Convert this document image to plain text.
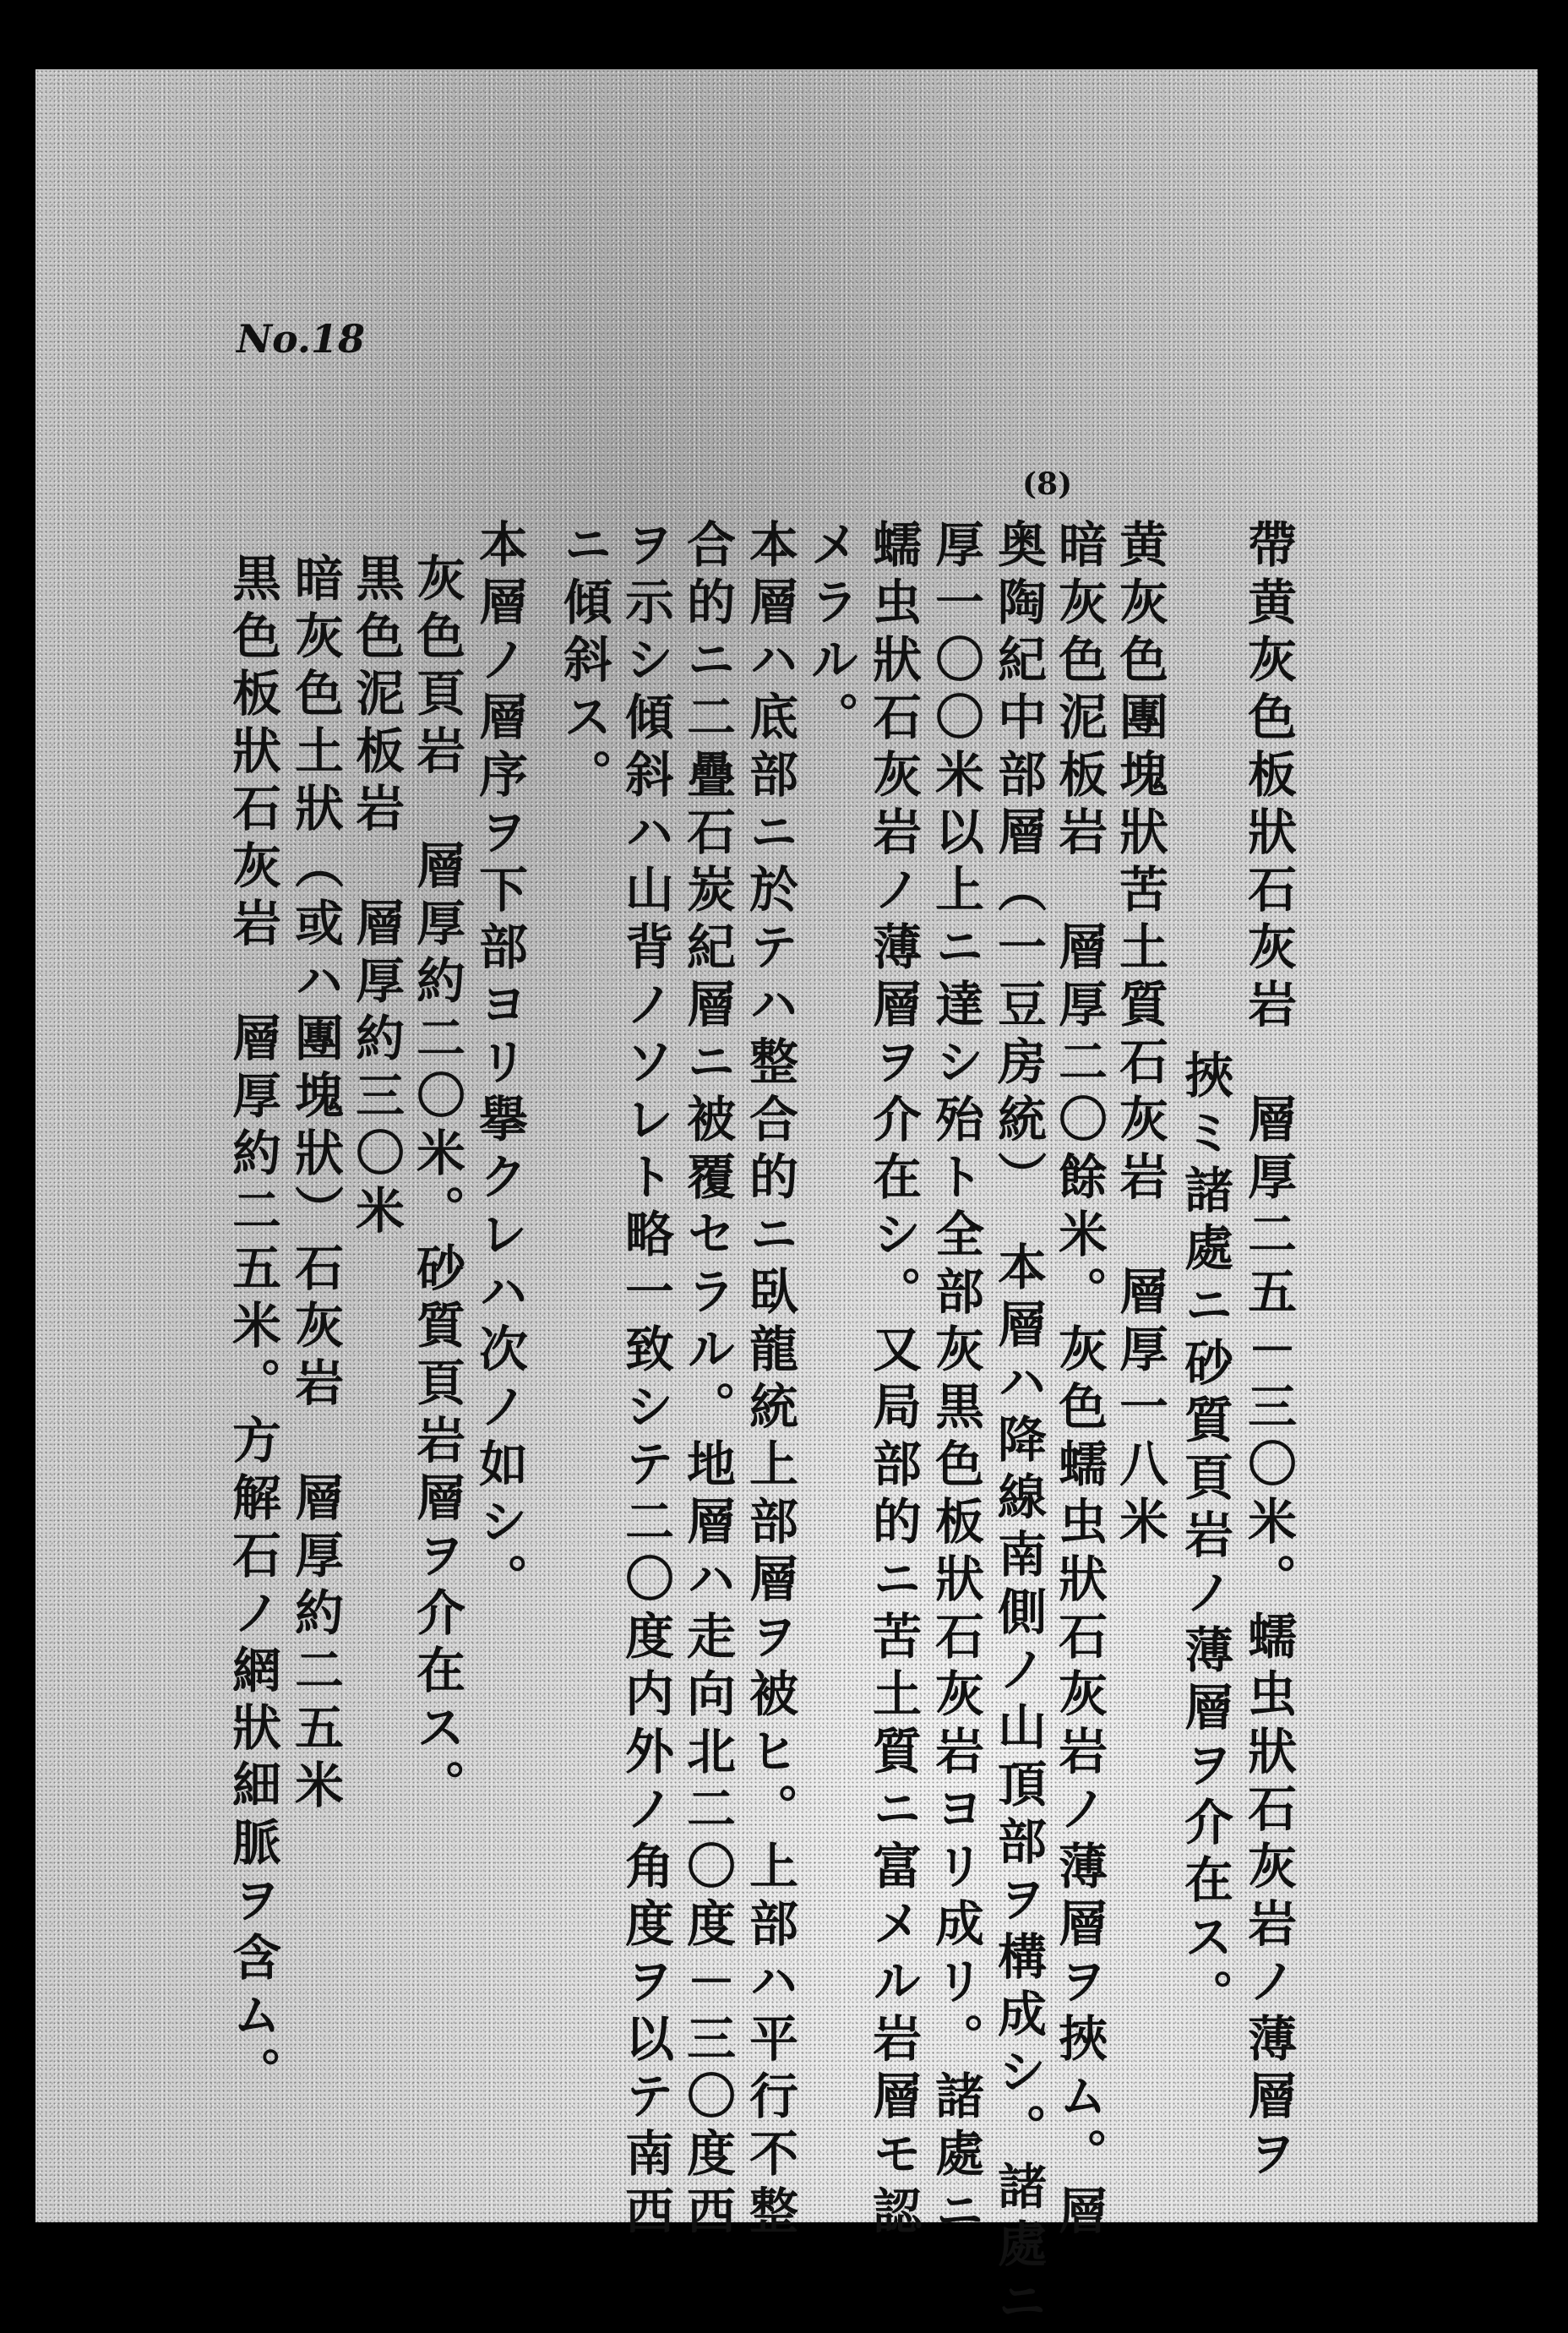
No.18
(8)
帶黄灰色板狀石灰岩　層厚二五－三〇米。蠕虫狀石灰岩ノ薄層ヲ
挾ミ諸處ニ砂質頁岩ノ薄層ヲ介在ス。
黄灰色團塊狀苦土質石灰岩　層厚一八米
暗灰色泥板岩　層厚二〇餘米。灰色蠕虫狀石灰岩ノ薄層ヲ挾ム。層
奥陶紀中部層（一豆房統）　本層ハ降線南側ノ山頂部ヲ構成シ。諸處ニ
厚一〇〇米以上ニ達シ殆ト全部灰黒色板狀石灰岩ヨリ成リ。諸處ニ
蠕虫狀石灰岩ノ薄層ヲ介在シ。又局部的ニ苦土質ニ富メル岩層モ認
メラル。
本層ハ底部ニ於テハ整合的ニ臥龍統上部層ヲ被ヒ。上部ハ平行不整
合的ニ二疊石炭紀層ニ被覆セラル。地層ハ走向北二〇度－三〇度西
ヲ示シ傾斜ハ山背ノソレト略一致シテ二〇度内外ノ角度ヲ以テ南西
ニ傾斜ス。
本層ノ層序ヲ下部ヨリ擧クレハ次ノ如シ。
灰色頁岩　層厚約二〇米。砂質頁岩層ヲ介在ス。
黒色泥板岩　層厚約三〇米
暗灰色土狀（或ハ團塊狀）石灰岩　層厚約二五米
黒色板狀石灰岩　層厚約二五米。方解石ノ網狀細脈ヲ含ム。
